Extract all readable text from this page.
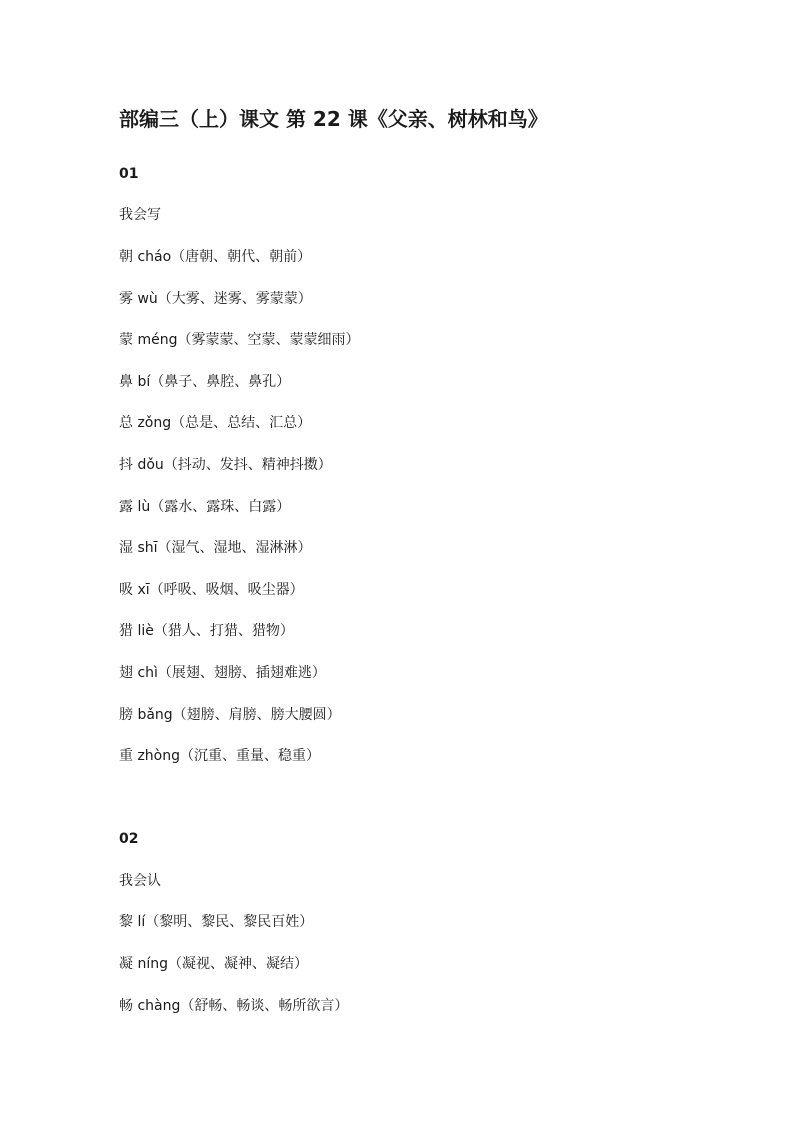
部编三（上）课文 第 22 课《父亲、树林和鸟》
01
我会写
朝 cháo（唐朝、朝代、朝前）
雾 wù（大雾、迷雾、雾蒙蒙）
蒙 méng（雾蒙蒙、空蒙、蒙蒙细雨）
鼻 bí（鼻子、鼻腔、鼻孔）
总 zǒng（总是、总结、汇总）
抖 dǒu（抖动、发抖、精神抖擞）
露 lù（露水、露珠、白露）
湿 shī（湿气、湿地、湿淋淋）
吸 xī（呼吸、吸烟、吸尘器）
猎 liè（猎人、打猎、猎物）
翅 chì（展翅、翅膀、插翅难逃）
膀 bǎng（翅膀、肩膀、膀大腰圆）
重 zhòng（沉重、重量、稳重）
02
我会认
黎 lí（黎明、黎民、黎民百姓）
凝 níng（凝视、凝神、凝结）
畅 chàng（舒畅、畅谈、畅所欲言）
